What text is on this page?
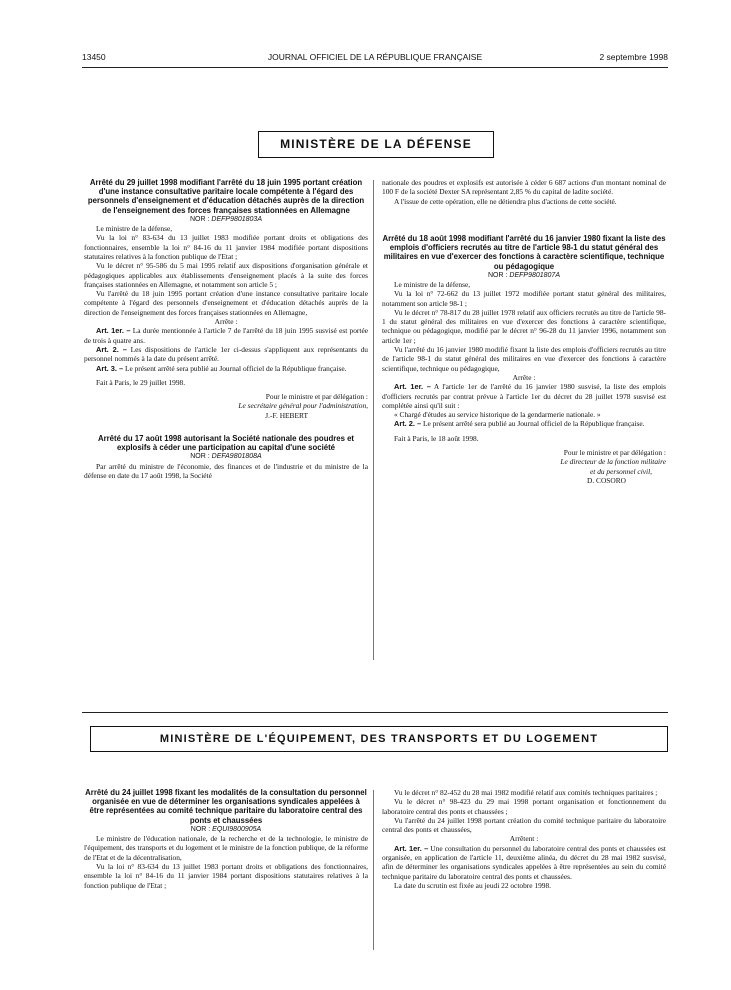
13450	JOURNAL OFFICIEL DE LA RÉPUBLIQUE FRANÇAISE	2 septembre 1998
MINISTÈRE DE LA DÉFENSE

Arrêté du 29 juillet 1998 modifiant l'arrêté du 18 juin 1995 portant création d'une instance consultative paritaire locale compétente à l'égard des personnels d'enseignement et d'éducation détachés auprès de la direction de l'enseignement des forces françaises stationnées en Allemagne

NOR : DEFP9801803A

Le ministre de la défense,

Vu la loi n° 83-634 du 13 juillet 1983 modifiée portant droits et obligations des fonctionnaires, ensemble la loi n° 84-16 du 11 janvier 1984 modifiée portant dispositions statutaires relatives à la fonction publique de l'Etat ;

Vu le décret n° 95-586 du 5 mai 1995 relatif aux dispositions d'organisation générale et pédagogiques applicables aux établissements d'enseignement placés à la suite des forces françaises stationnées en Allemagne, et notamment son article 5 ;

Vu l'arrêté du 18 juin 1995 portant création d'une instance consultative paritaire locale compétente à l'égard des personnels d'enseignement et d'éducation détachés auprès de la direction de l'enseignement des forces françaises stationnées en Allemagne,

Arrête :

Art. 1er. – La durée mentionnée à l'article 7 de l'arrêté du 18 juin 1995 susvisé est portée de trois à quatre ans.

Art. 2. – Les dispositions de l'article 1er ci-dessus s'appliquent aux représentants du personnel nommés à la date du présent arrêté.

Art. 3. – Le présent arrêté sera publié au Journal officiel de la République française.

Fait à Paris, le 29 juillet 1998.

Pour le ministre et par délégation :

Le secrétaire général pour l'administration,

J.-F. HEBERT

Arrêté du 17 août 1998 autorisant la Société nationale des poudres et explosifs à céder une participation au capital d'une société

NOR : DEFA9801808A

Par arrêté du ministre de l'économie, des finances et de l'industrie et du ministre de la défense en date du 17 août 1998, la Société

nationale des poudres et explosifs est autorisée à céder 6 687 actions d'un montant nominal de 100 F de la société Dexter SA représentant 2,85 % du capital de ladite société.

A l'issue de cette opération, elle ne détiendra plus d'actions de cette société.

Arrêté du 18 août 1998 modifiant l'arrêté du 16 janvier 1980 fixant la liste des emplois d'officiers recrutés au titre de l'article 98-1 du statut général des militaires en vue d'exercer des fonctions à caractère scientifique, technique ou pédagogique

NOR : DEFP9801807A

Le ministre de la défense,

Vu la loi n° 72-662 du 13 juillet 1972 modifiée portant statut général des militaires, notamment son article 98-1 ;

Vu le décret n° 78-817 du 28 juillet 1978 relatif aux officiers recrutés au titre de l'article 98-1 du statut général des militaires en vue d'exercer des fonctions à caractère scientifique, technique ou pédagogique, modifié par le décret n° 96-28 du 11 janvier 1996, notamment son article 1er ;

Vu l'arrêté du 16 janvier 1980 modifié fixant la liste des emplois d'officiers recrutés au titre de l'article 98-1 du statut général des militaires en vue d'exercer des fonctions à caractère scientifique, technique ou pédagogique,

Arrête :

Art. 1er. – A l'article 1er de l'arrêté du 16 janvier 1980 susvisé, la liste des emplois d'officiers recrutés par contrat prévue à l'article 1er du décret du 28 juillet 1978 susvisé est complétée ainsi qu'il suit :

« Chargé d'études au service historique de la gendarmerie nationale. »

Art. 2. – Le présent arrêté sera publié au Journal officiel de la République française.

Fait à Paris, le 18 août 1998.

Pour le ministre et par délégation :

Le directeur de la fonction militaire

et du personnel civil,

D. COSORO

MINISTÈRE DE L'ÉQUIPEMENT, DES TRANSPORTS ET DU LOGEMENT

Arrêté du 24 juillet 1998 fixant les modalités de la consultation du personnel organisée en vue de déterminer les organisations syndicales appelées à être représentées au comité technique paritaire du laboratoire central des ponts et chaussées

NOR : EQUI9800905A

Le ministre de l'éducation nationale, de la recherche et de la technologie, le ministre de l'équipement, des transports et du logement et le ministre de la fonction publique, de la réforme de l'Etat et de la décentralisation,

Vu la loi n° 83-634 du 13 juillet 1983 portant droits et obligations des fonctionnaires, ensemble la loi n° 84-16 du 11 janvier 1984 portant dispositions statutaires relatives à la fonction publique de l'Etat ;

Vu le décret n° 82-452 du 28 mai 1982 modifié relatif aux comités techniques paritaires ;

Vu le décret n° 98-423 du 29 mai 1998 portant organisation et fonctionnement du laboratoire central des ponts et chaussées ;

Vu l'arrêté du 24 juillet 1998 portant création du comité technique paritaire du laboratoire central des ponts et chaussées,

Arrêtent :

Art. 1er. – Une consultation du personnel du laboratoire central des ponts et chaussées est organisée, en application de l'article 11, deuxième alinéa, du décret du 28 mai 1982 susvisé, afin de déterminer les organisations syndicales appelées à être représentées au sein du comité technique paritaire du laboratoire central des ponts et chaussées.

La date du scrutin est fixée au jeudi 22 octobre 1998.
